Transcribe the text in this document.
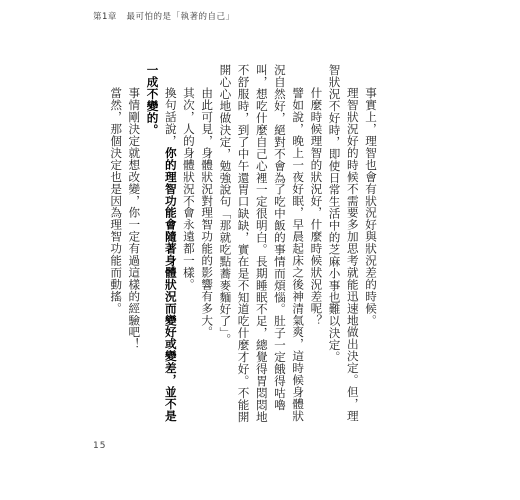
第1章 最可怕的是「執著的自己」

事實上，理智也會有狀況好與狀況差的時候。

理智狀況好的時候不需要多加思考就能迅速地做出決定。但，理智狀況不好時，即使日常生活中的芝麻小事也難以決定。

什麼時候理智的狀況好，什麼時候狀況差呢？

譬如說，晚上一夜好眠，早晨起床之後神清氣爽，這時候身體狀況自然好，絕對不會為了吃中飯的事情而煩惱。肚子一定餓得咕嚕叫，想吃什麼自己心裡一定很明白。長期睡眠不足，總覺得胃悶悶地不舒服時，到了中午還胃口缺缺，實在是不知道吃什麼才好。不能開開心心地做決定，勉強說句「那就吃點蕎麥麵好了」。

由此可見，身體狀況對理智功能的影響有多大。

其次，人的身體狀況不會永遠都一樣。

換句話說，你的理智功能會隨著身體狀況而變好或變差，並不是一成不變的。

事情剛決定就想改變，你一定有過這樣的經驗吧！

當然，那個決定也是因為理智功能而動搖。

15
